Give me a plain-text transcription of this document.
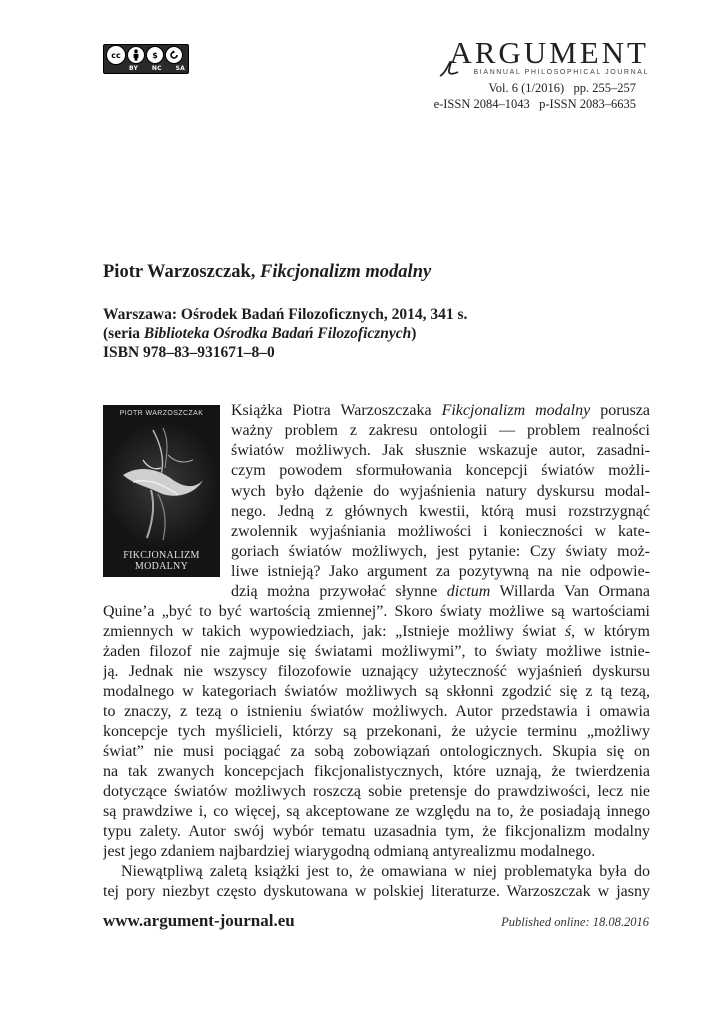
cc	$
BY NC SA	ARGUMENT
BIANNUAL PHILOSOPHICAL JOURNAL
Vol. 6 (1/2016)   pp. 255–257
e-ISSN 2084–1043   p-ISSN 2083–6635
Piotr Warzoszczak, Fikcjonalizm modalny
Warszawa: Ośrodek Badań Filozoficznych, 2014, 341 s.
(seria Biblioteka Ośrodka Badań Filozoficznych)
ISBN 978–83–931671–8–0
PIOTR WARZOSZCZAK
FIKCJONALIZM
MODALNY
Książka Piotra Warzoszczaka Fikcjonalizm modalny porusza
ważny problem z zakresu ontologii — problem realności
światów możliwych. Jak słusznie wskazuje autor, zasadni-
czym powodem sformułowania koncepcji światów możli-
wych było dążenie do wyjaśnienia natury dyskursu modal-
nego. Jedną z głównych kwestii, którą musi rozstrzygnąć
zwolennik wyjaśniania możliwości i konieczności w kate-
goriach światów możliwych, jest pytanie: Czy światy moż-
liwe istnieją? Jako argument za pozytywną na nie odpowie-
dzią można przywołać słynne dictum Willarda Van Ormana
Quine’a „być to być wartością zmiennej”. Skoro światy możliwe są wartościami
zmiennych w takich wypowiedziach, jak: „Istnieje możliwy świat ś, w którym
żaden filozof nie zajmuje się światami możliwymi”, to światy możliwe istnie-
ją. Jednak nie wszyscy filozofowie uznający użyteczność wyjaśnień dyskursu
modalnego w kategoriach światów możliwych są skłonni zgodzić się z tą tezą,
to znaczy, z tezą o istnieniu światów możliwych. Autor przedstawia i omawia
koncepcje tych myślicieli, którzy są przekonani, że użycie terminu „możliwy
świat” nie musi pociągać za sobą zobowiązań ontologicznych. Skupia się on
na tak zwanych koncepcjach fikcjonalistycznych, które uznają, że twierdzenia
dotyczące światów możliwych roszczą sobie pretensje do prawdziwości, lecz nie
są prawdziwe i, co więcej, są akceptowane ze względu na to, że posiadają innego
typu zalety. Autor swój wybór tematu uzasadnia tym, że fikcjonalizm modalny
jest jego zdaniem najbardziej wiarygodną odmianą antyrealizmu modalnego.
Niewątpliwą zaletą książki jest to, że omawiana w niej problematyka była do
tej pory niezbyt często dyskutowana w polskiej literaturze. Warzoszczak w jasny
www.argument-journal.eu	Published online: 18.08.2016
